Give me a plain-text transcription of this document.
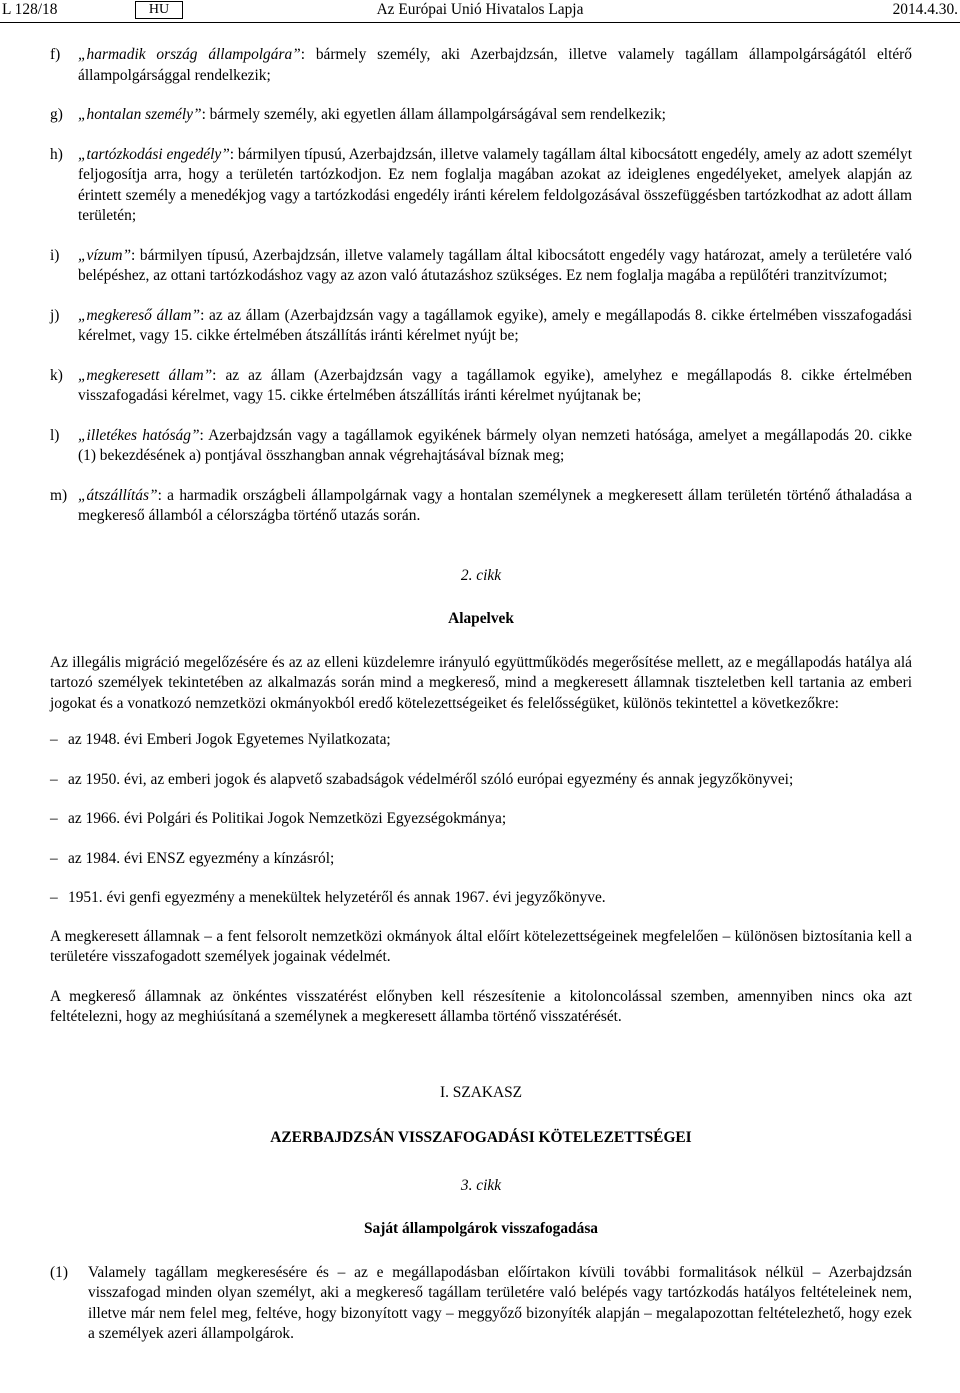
L 128/18	HU	Az Európai Unió Hivatalos Lapja	2014.4.30.
f)	„harmadik ország állampolgára”: bármely személy, aki Azerbajdzsán, illetve valamely tagállam állampolgárságától eltérő állampolgársággal rendelkezik;
g) „hontalan személy”: bármely személy, aki egyetlen állam állampolgárságával sem rendelkezik;
h) „tartózkodási engedély”: bármilyen típusú, Azerbajdzsán, illetve valamely tagállam által kibocsátott engedély, amely az adott személyt feljogosítja arra, hogy a területén tartózkodjon. Ez nem foglalja magában azokat az ideiglenes engedélyeket, amelyek alapján az érintett személy a menedékjog vagy a tartózkodási engedély iránti kérelem feldolgozásával összefüggésben tartózkodhat az adott állam területén;
i)	„vízum”: bármilyen típusú, Azerbajdzsán, illetve valamely tagállam által kibocsátott engedély vagy határozat, amely a területére való belépéshez, az ottani tartózkodáshoz vagy az azon való átutazáshoz szükséges. Ez nem foglalja magába a repülőtéri tranzitvízumot;
j)	„megkereső állam”: az az állam (Azerbajdzsán vagy a tagállamok egyike), amely e megállapodás 8. cikke értelmében visszafogadási kérelmet, vagy 15. cikke értelmében átszállítás iránti kérelmet nyújt be;
k) „megkeresett állam”: az az állam (Azerbajdzsán vagy a tagállamok egyike), amelyhez e megállapodás 8. cikke értelmében visszafogadási kérelmet, vagy 15. cikke értelmében átszállítás iránti kérelmet nyújtanak be;
l)	„illetékes hatóság”: Azerbajdzsán vagy a tagállamok egyikének bármely olyan nemzeti hatósága, amelyet a megállapodás 20. cikke (1) bekezdésének a) pontjával összhangban annak végrehajtásával bíznak meg;
m) „átszállítás”: a harmadik országbeli állampolgárnak vagy a hontalan személynek a megkeresett állam területén történő áthaladása a megkereső államból a célországba történő utazás során.
2. cikk
Alapelvek

Az illegális migráció megelőzésére és az az elleni küzdelemre irányuló együttműködés megerősítése mellett, az e megállapodás hatálya alá tartozó személyek tekintetében az alkalmazás során mind a megkereső, mind a megkeresett államnak tiszteletben kell tartania az emberi jogokat és a vonatkozó nemzetközi okmányokból eredő kötelezettségeiket és felelősségüket, különös tekintettel a következőkre:

– az 1948. évi Emberi Jogok Egyetemes Nyilatkozata;
– az 1950. évi, az emberi jogok és alapvető szabadságok védelméről szóló európai egyezmény és annak jegyzőkönyvei;
– az 1966. évi Polgári és Politikai Jogok Nemzetközi Egyezségokmánya;
– az 1984. évi ENSZ egyezmény a kínzásról;
– 1951. évi genfi egyezmény a menekültek helyzetéről és annak 1967. évi jegyzőkönyve.

A megkeresett államnak – a fent felsorolt nemzetközi okmányok által előírt kötelezettségeinek megfelelően – különösen biztosítania kell a területére visszafogadott személyek jogainak védelmét.

A megkereső államnak az önkéntes visszatérést előnyben kell részesítenie a kitoloncolással szemben, amennyiben nincs oka azt feltételezni, hogy az meghiúsítaná a személynek a megkeresett államba történő visszatérését.

I. SZAKASZ
AZERBAJDZSÁN VISSZAFOGADÁSI KÖTELEZETTSÉGEI
3. cikk
Saját állampolgárok visszafogadása
(1)	Valamely tagállam megkeresésére és – az e megállapodásban előírtakon kívüli további formalitások nélkül – Azerbajdzsán visszafogad minden olyan személyt, aki a megkereső tagállam területére való belépés vagy tartózkodás hatályos feltételeinek nem, illetve már nem felel meg, feltéve, hogy bizonyított vagy – meggyőző bizonyíték alapján – megalapozottan feltételezhető, hogy ezek a személyek azeri állampolgárok.
